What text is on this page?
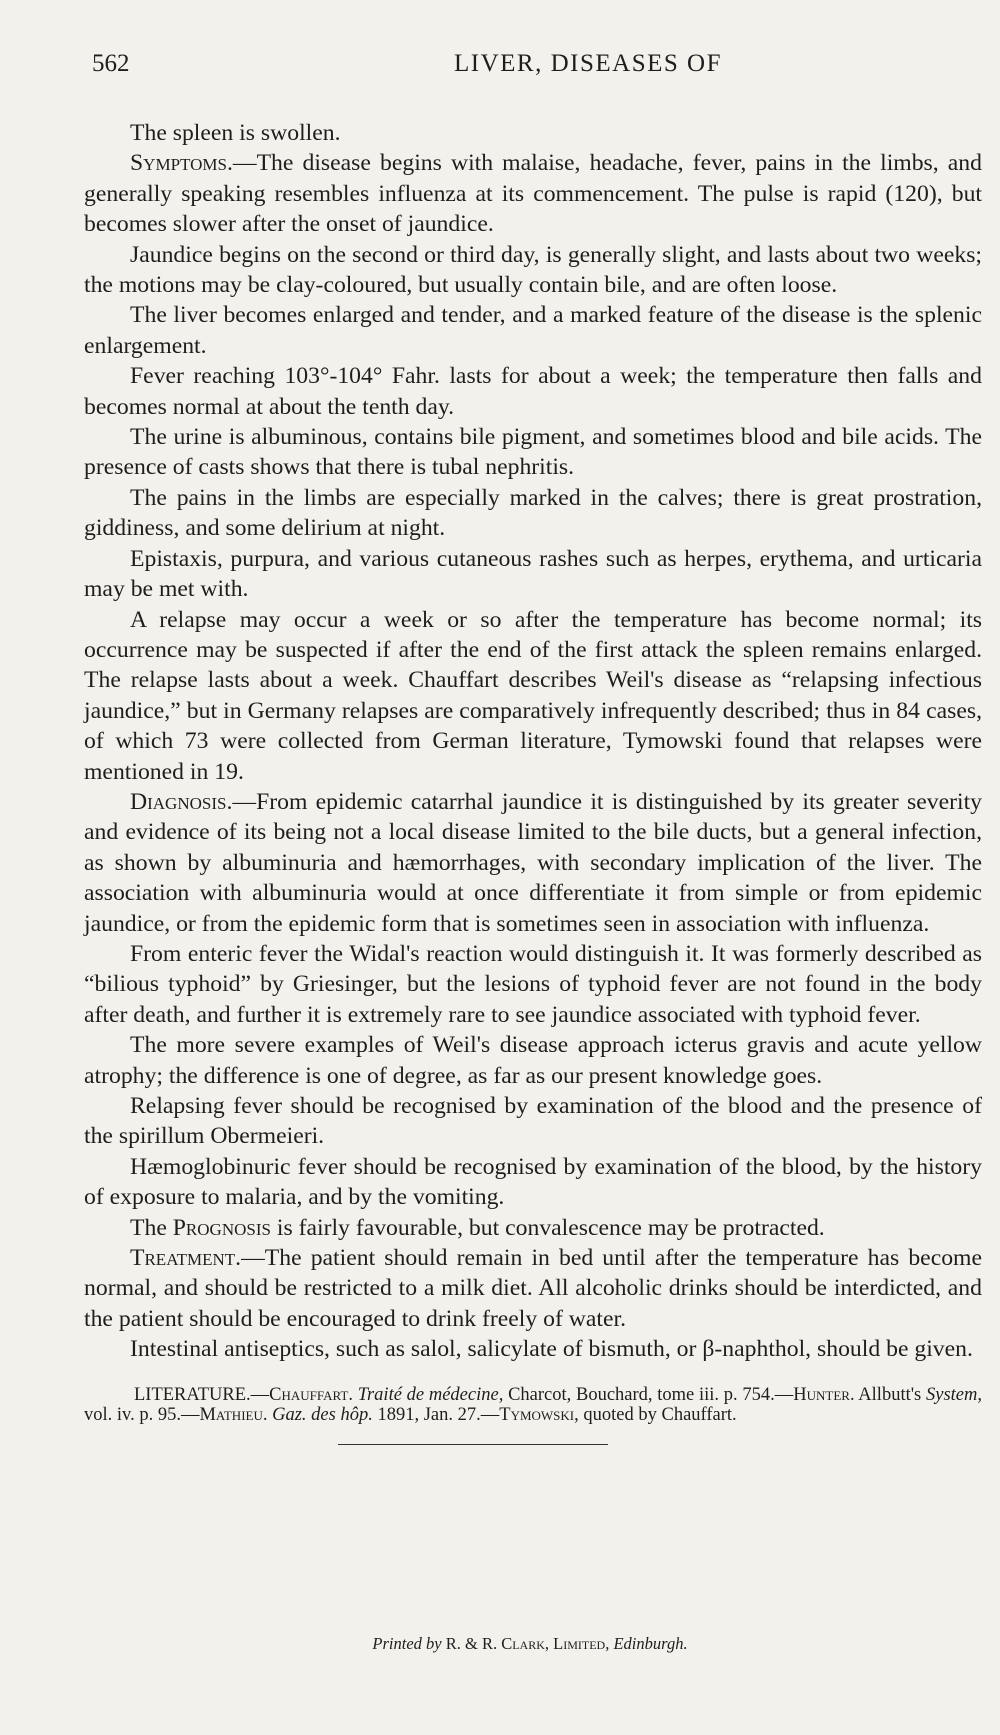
562	LIVER, DISEASES OF

The spleen is swollen.

Symptoms.—The disease begins with malaise, headache, fever, pains in the limbs, and generally speaking resembles influenza at its commencement. The pulse is rapid (120), but becomes slower after the onset of jaundice.

Jaundice begins on the second or third day, is generally slight, and lasts about two weeks; the motions may be clay-coloured, but usually contain bile, and are often loose.

The liver becomes enlarged and tender, and a marked feature of the disease is the splenic enlargement.

Fever reaching 103°-104° Fahr. lasts for about a week; the temperature then falls and becomes normal at about the tenth day.

The urine is albuminous, contains bile pigment, and sometimes blood and bile acids. The presence of casts shows that there is tubal nephritis.

The pains in the limbs are especially marked in the calves; there is great prostration, giddiness, and some delirium at night.

Epistaxis, purpura, and various cutaneous rashes such as herpes, erythema, and urticaria may be met with.

A relapse may occur a week or so after the temperature has become normal; its occurrence may be suspected if after the end of the first attack the spleen remains enlarged. The relapse lasts about a week. Chauffart describes Weil's disease as “relapsing infectious jaundice,” but in Germany relapses are comparatively infrequently described; thus in 84 cases, of which 73 were collected from German literature, Tymowski found that relapses were mentioned in 19.

Diagnosis.—From epidemic catarrhal jaundice it is distinguished by its greater severity and evidence of its being not a local disease limited to the bile ducts, but a general infection, as shown by albuminuria and hæmorrhages, with secondary implication of the liver. The association with albuminuria would at once differentiate it from simple or from epidemic jaundice, or from the epidemic form that is sometimes seen in association with influenza.

From enteric fever the Widal's reaction would distinguish it. It was formerly described as “bilious typhoid” by Griesinger, but the lesions of typhoid fever are not found in the body after death, and further it is extremely rare to see jaundice associated with typhoid fever.

The more severe examples of Weil's disease approach icterus gravis and acute yellow atrophy; the difference is one of degree, as far as our present knowledge goes.

Relapsing fever should be recognised by examination of the blood and the presence of the spirillum Obermeieri.

Hæmoglobinuric fever should be recognised by examination of the blood, by the history of exposure to malaria, and by the vomiting.

The Prognosis is fairly favourable, but convalescence may be protracted.

Treatment.—The patient should remain in bed until after the temperature has become normal, and should be restricted to a milk diet. All alcoholic drinks should be interdicted, and the patient should be encouraged to drink freely of water.

Intestinal antiseptics, such as salol, salicylate of bismuth, or β-naphthol, should be given.

LITERATURE.—Chauffart. Traité de médecine, Charcot, Bouchard, tome iii. p. 754.—Hunter. Allbutt's System, vol. iv. p. 95.—Mathieu. Gaz. des hôp. 1891, Jan. 27.—Tymowski, quoted by Chauffart.

Printed by R. & R. Clark, Limited, Edinburgh.
